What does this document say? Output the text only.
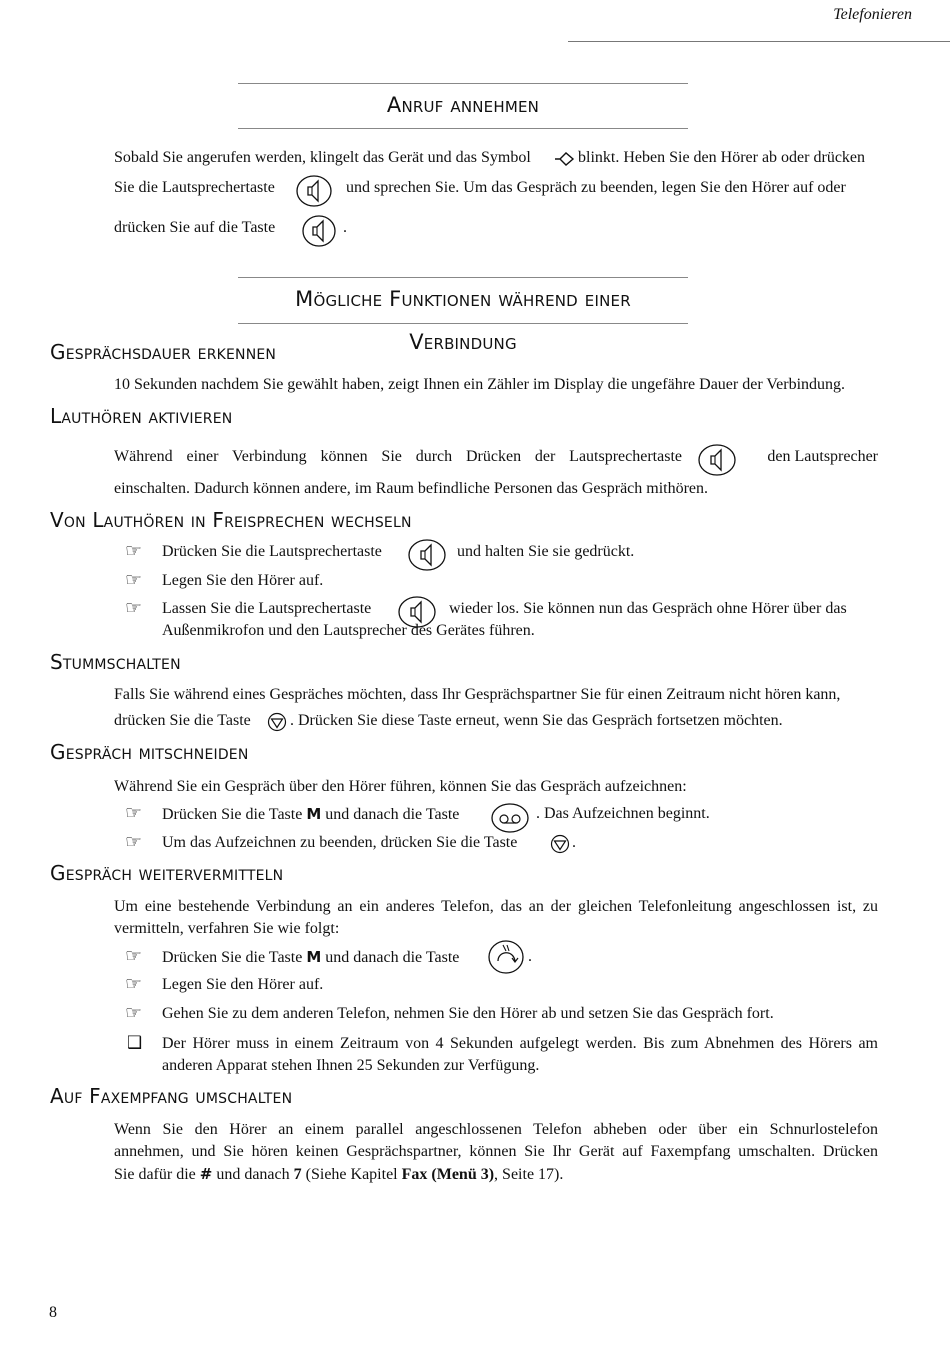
Telefonieren
Anruf annehmen
Sobald Sie angerufen werden, klingelt das Gerät und das Symbol	blinkt. Heben Sie den Hörer ab oder drücken
Sie die Lautsprechertaste	und sprechen Sie. Um das Gespräch zu beenden, legen Sie den Hörer auf oder
drücken Sie auf die Taste	.
Mögliche Funktionen während einer Verbindung
Gesprächsdauer erkennen
10 Sekunden nachdem Sie gewählt haben, zeigt Ihnen ein Zähler im Display die ungefähre Dauer der Verbindung.
Lauthören aktivieren
Während einer Verbindung können Sie durch Drücken der Lautsprechertaste	den Lautsprecher
einschalten. Dadurch können andere, im Raum befindliche Personen das Gespräch mithören.
Von Lauthören in Freisprechen wechseln
☞ Drücken Sie die Lautsprechertaste	und halten Sie sie gedrückt.
☞ Legen Sie den Hörer auf.
☞ Lassen Sie die Lautsprechertaste	wieder los. Sie können nun das Gespräch ohne Hörer über das
Außenmikrofon und den Lautsprecher des Gerätes führen.
Stummschalten
Falls Sie während eines Gespräches möchten, dass Ihr Gesprächspartner Sie für einen Zeitraum nicht hören kann,
drücken Sie die Taste	. Drücken Sie diese Taste erneut, wenn Sie das Gespräch fortsetzen möchten.
Gespräch mitschneiden
Während Sie ein Gespräch über den Hörer führen, können Sie das Gespräch aufzeichnen:
☞ Drücken Sie die Taste M und danach die Taste	. Das Aufzeichnen beginnt.
☞ Um das Aufzeichnen zu beenden, drücken Sie die Taste	.
Gespräch weitervermitteln
Um eine bestehende Verbindung an ein anderes Telefon, das an der gleichen Telefonleitung angeschlossen ist, zu
vermitteln, verfahren Sie wie folgt:
☞ Drücken Sie die Taste M und danach die Taste	.
☞ Legen Sie den Hörer auf.
☞ Gehen Sie zu dem anderen Telefon, nehmen Sie den Hörer ab und setzen Sie das Gespräch fort.
❑ Der Hörer muss in einem Zeitraum von 4 Sekunden aufgelegt werden. Bis zum Abnehmen des Hörers am
anderen Apparat stehen Ihnen 25 Sekunden zur Verfügung.
Auf Faxempfang umschalten
Wenn Sie den Hörer an einem parallel angeschlossenen Telefon abheben oder über ein Schnurlostelefon
annehmen, und Sie hören keinen Gesprächspartner, können Sie Ihr Gerät auf Faxempfang umschalten. Drücken
Sie dafür die # und danach 7 (Siehe Kapitel Fax (Menü 3), Seite 17).
8
